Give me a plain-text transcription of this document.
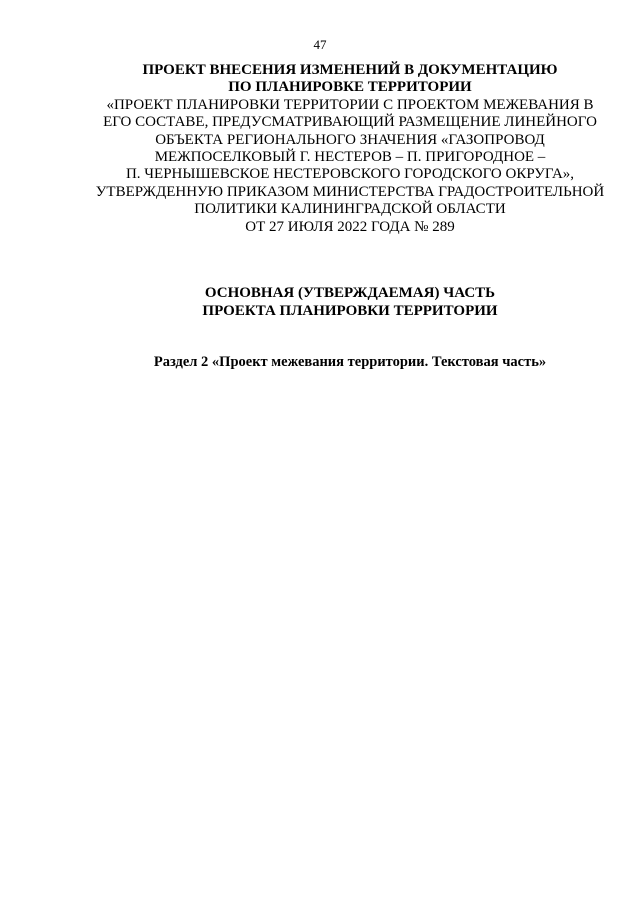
47
ПРОЕКТ ВНЕСЕНИЯ ИЗМЕНЕНИЙ В ДОКУМЕНТАЦИЮ
ПО ПЛАНИРОВКЕ ТЕРРИТОРИИ
«ПРОЕКТ ПЛАНИРОВКИ ТЕРРИТОРИИ С ПРОЕКТОМ МЕЖЕВАНИЯ В
ЕГО СОСТАВЕ, ПРЕДУСМАТРИВАЮЩИЙ РАЗМЕЩЕНИЕ ЛИНЕЙНОГО
ОБЪЕКТА РЕГИОНАЛЬНОГО ЗНАЧЕНИЯ «ГАЗОПРОВОД
МЕЖПОСЕЛКОВЫЙ Г. НЕСТЕРОВ – П. ПРИГОРОДНОЕ –
П. ЧЕРНЫШЕВСКОЕ НЕСТЕРОВСКОГО ГОРОДСКОГО ОКРУГА»,
УТВЕРЖДЕННУЮ ПРИКАЗОМ МИНИСТЕРСТВА ГРАДОСТРОИТЕЛЬНОЙ
ПОЛИТИКИ КАЛИНИНГРАДСКОЙ ОБЛАСТИ
ОТ 27 ИЮЛЯ 2022 ГОДА № 289
ОСНОВНАЯ (УТВЕРЖДАЕМАЯ) ЧАСТЬ
ПРОЕКТА ПЛАНИРОВКИ ТЕРРИТОРИИ
Раздел 2 «Проект межевания территории. Текстовая часть»
